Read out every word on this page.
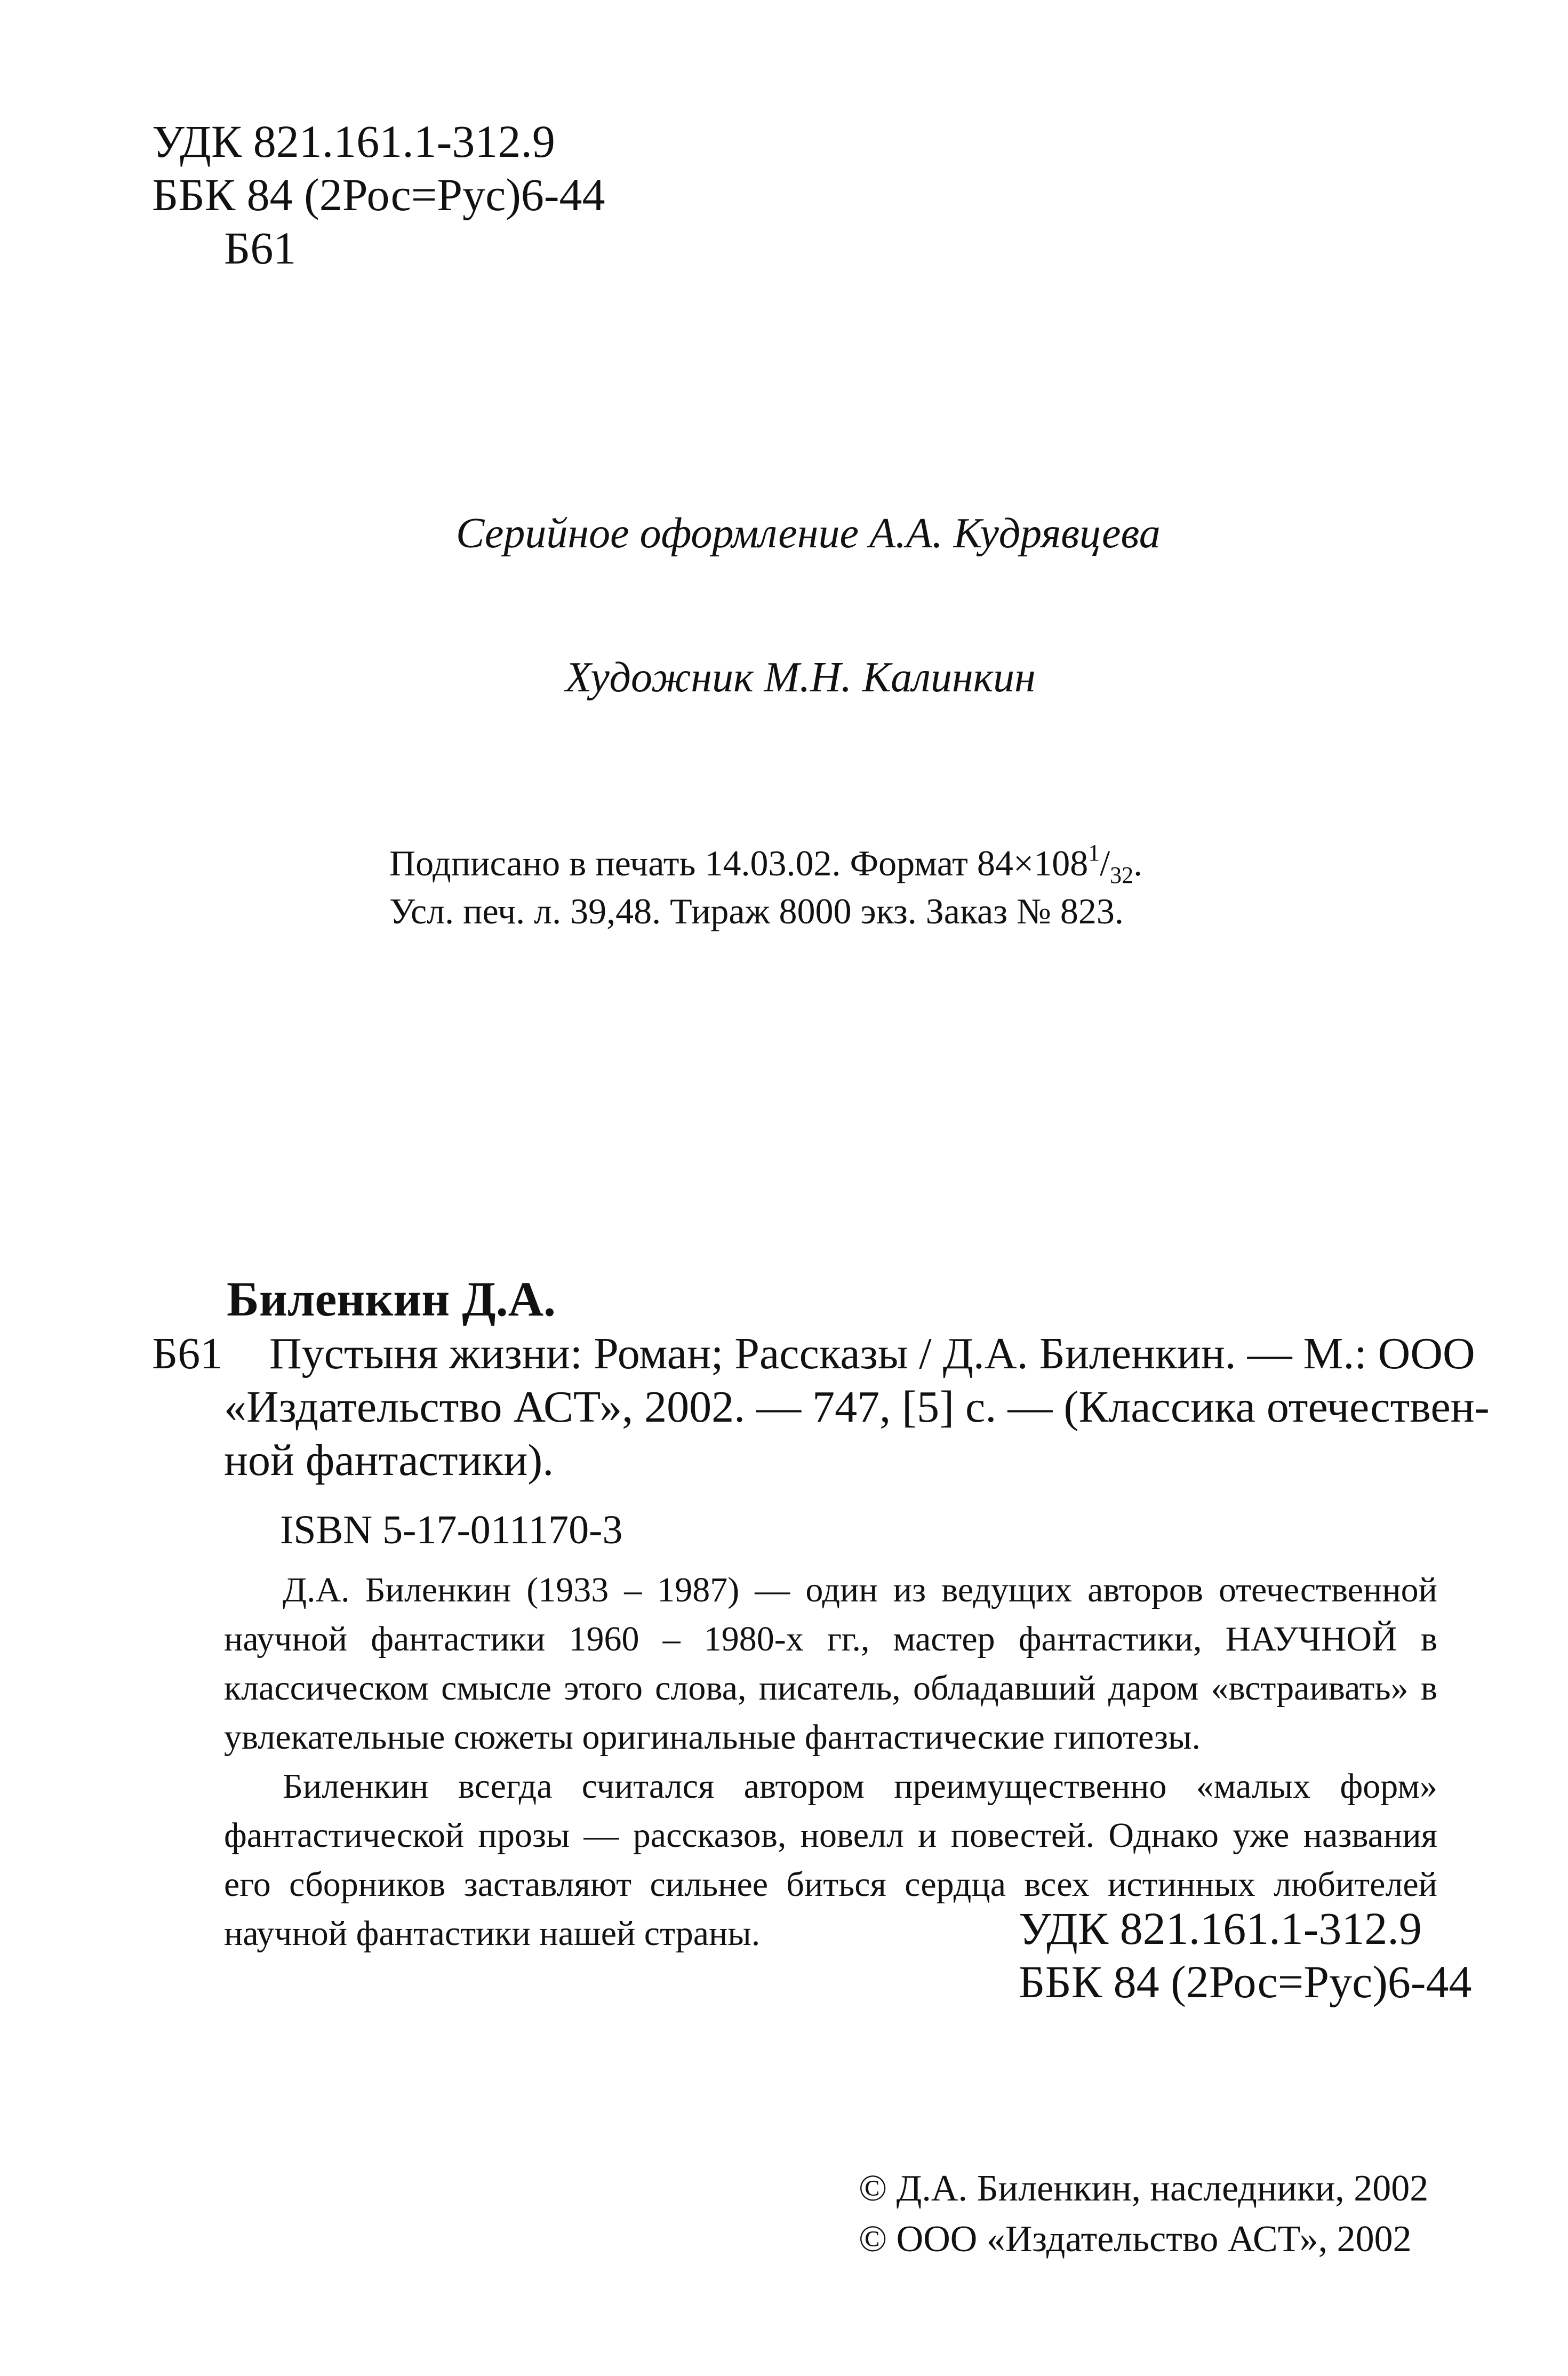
УДК 821.161.1-312.9
ББК 84 (2Рос=Рус)6-44
Б61
Серийное оформление А.А. Кудрявцева
Художник М.Н. Калинкин
Подписано в печать 14.03.02. Формат $84\times 108^1/_{32}$.
Усл. печ. л. 39,48. Тираж 8000 экз. Заказ № 823.
Биленкин Д.А.
Б61 Пустыня жизни: Роман; Рассказы / Д.А. Биленкин. — М.: ООО
«Издательство АСТ», 2002. — 747, [5] с. — (Классика отечествен-
ной фантастики).
ISBN 5-17-011170-3

Д.А. Биленкин (1933 – 1987) — один из ведущих авторов отечественной научной фантастики 1960 – 1980-х гг., мастер фантастики, НАУЧНОЙ в классическом смысле этого слова, писатель, обладавший даром «встраивать» в увлекательные сюжеты оригинальные фантастические гипотезы.

Биленкин всегда считался автором преимущественно «малых форм» фантастической прозы — рассказов, новелл и повестей. Однако уже названия его сборников заставляют сильнее биться сердца всех истинных любителей научной фантастики нашей страны.	УДК 821.161.1-312.9
ББК 84 (2Рос=Рус)6-44
© Д.А. Биленкин, наследники, 2002
© ООО «Издательство АСТ», 2002
